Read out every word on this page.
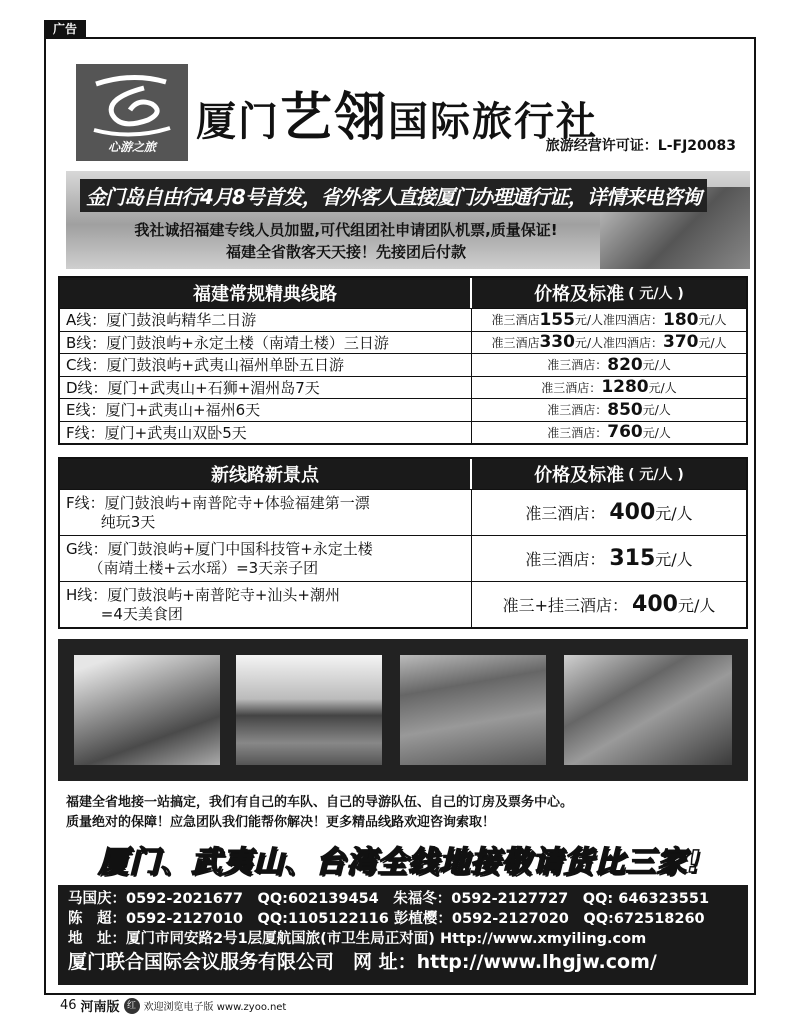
广告
心游之旅
厦门艺翎国际旅行社
旅游经营许可证：L-FJ20083
金门岛自由行4月8号首发，省外客人直接厦门办理通行证，详情来电咨询
我社诚招福建专线人员加盟,可代组团社申请团队机票,质量保证!
福建全省散客天天接！先接团后付款
福建常规精典线路	价格及标准 ( 元/人 )
A线：厦门鼓浪屿精华二日游	准三酒店 155 元/人 准四酒店： 180 元/人
B线：厦门鼓浪屿+永定土楼（南靖土楼）三日游	准三酒店 330 元/人 准四酒店： 370 元/人
C线：厦门鼓浪屿+武夷山福州单卧五日游	准三酒店： 820 元/人
D线：厦门+武夷山+石狮+湄州岛7天	准三酒店： 1280 元/人
E线：厦门+武夷山+福州6天	准三酒店： 850 元/人
F线：厦门+武夷山双卧5天	准三酒店： 760 元/人
新线路新景点	价格及标准 ( 元/人 )
F线：厦门鼓浪屿+南普陀寺+体验福建第一漂
　　 纯玩3天	准三酒店： 400 元/人
G线：厦门鼓浪屿+厦门中国科技管+永定土楼
　　（南靖土楼+云水瑶）=3天亲子团	准三酒店： 315 元/人
H线：厦门鼓浪屿+南普陀寺+汕头+潮州
　　 =4天美食团	准三+挂三酒店： 400 元/人
福建全省地接一站搞定，我们有自己的车队、自己的导游队伍、自己的订房及票务中心。
质量绝对的保障！应急团队我们能帮你解决！更多精品线路欢迎咨询索取！
厦门、武夷山、台湾全线地接敬请货比三家!
马国庆：0592-2021677　QQ:602139454　朱福冬：0592-2127727　QQ: 646323551
陈　超：0592-2127010　QQ:1105122116 彭植樱：0592-2127020　QQ:672518260
地　址：厦门市同安路2号1层厦航国旅(市卫生局正对面) Http://www.xmyiling.com
厦门联合国际会议服务有限公司　网 址：http://www.lhgjw.com/
46 河南版 红 欢迎浏览电子版 www.zyoo.net
